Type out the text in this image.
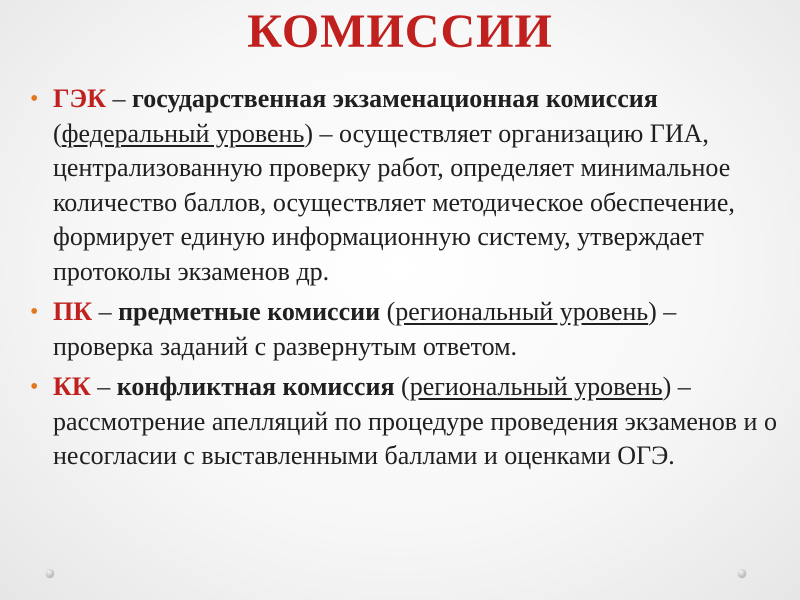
КОМИССИИ
• ГЭК – государственная экзаменационная комиссия (федеральный уровень) – осуществляет организацию ГИА, централизованную проверку работ, определяет минимальное количество баллов, осуществляет методическое обеспечение, формирует единую информационную систему, утверждает протоколы экзаменов др.
• ПК – предметные комиссии (региональный уровень) – проверка заданий с развернутым ответом.
• КК – конфликтная комиссия (региональный уровень) – рассмотрение апелляций по процедуре проведения экзаменов и о несогласии с выставленными баллами и оценками ОГЭ.
